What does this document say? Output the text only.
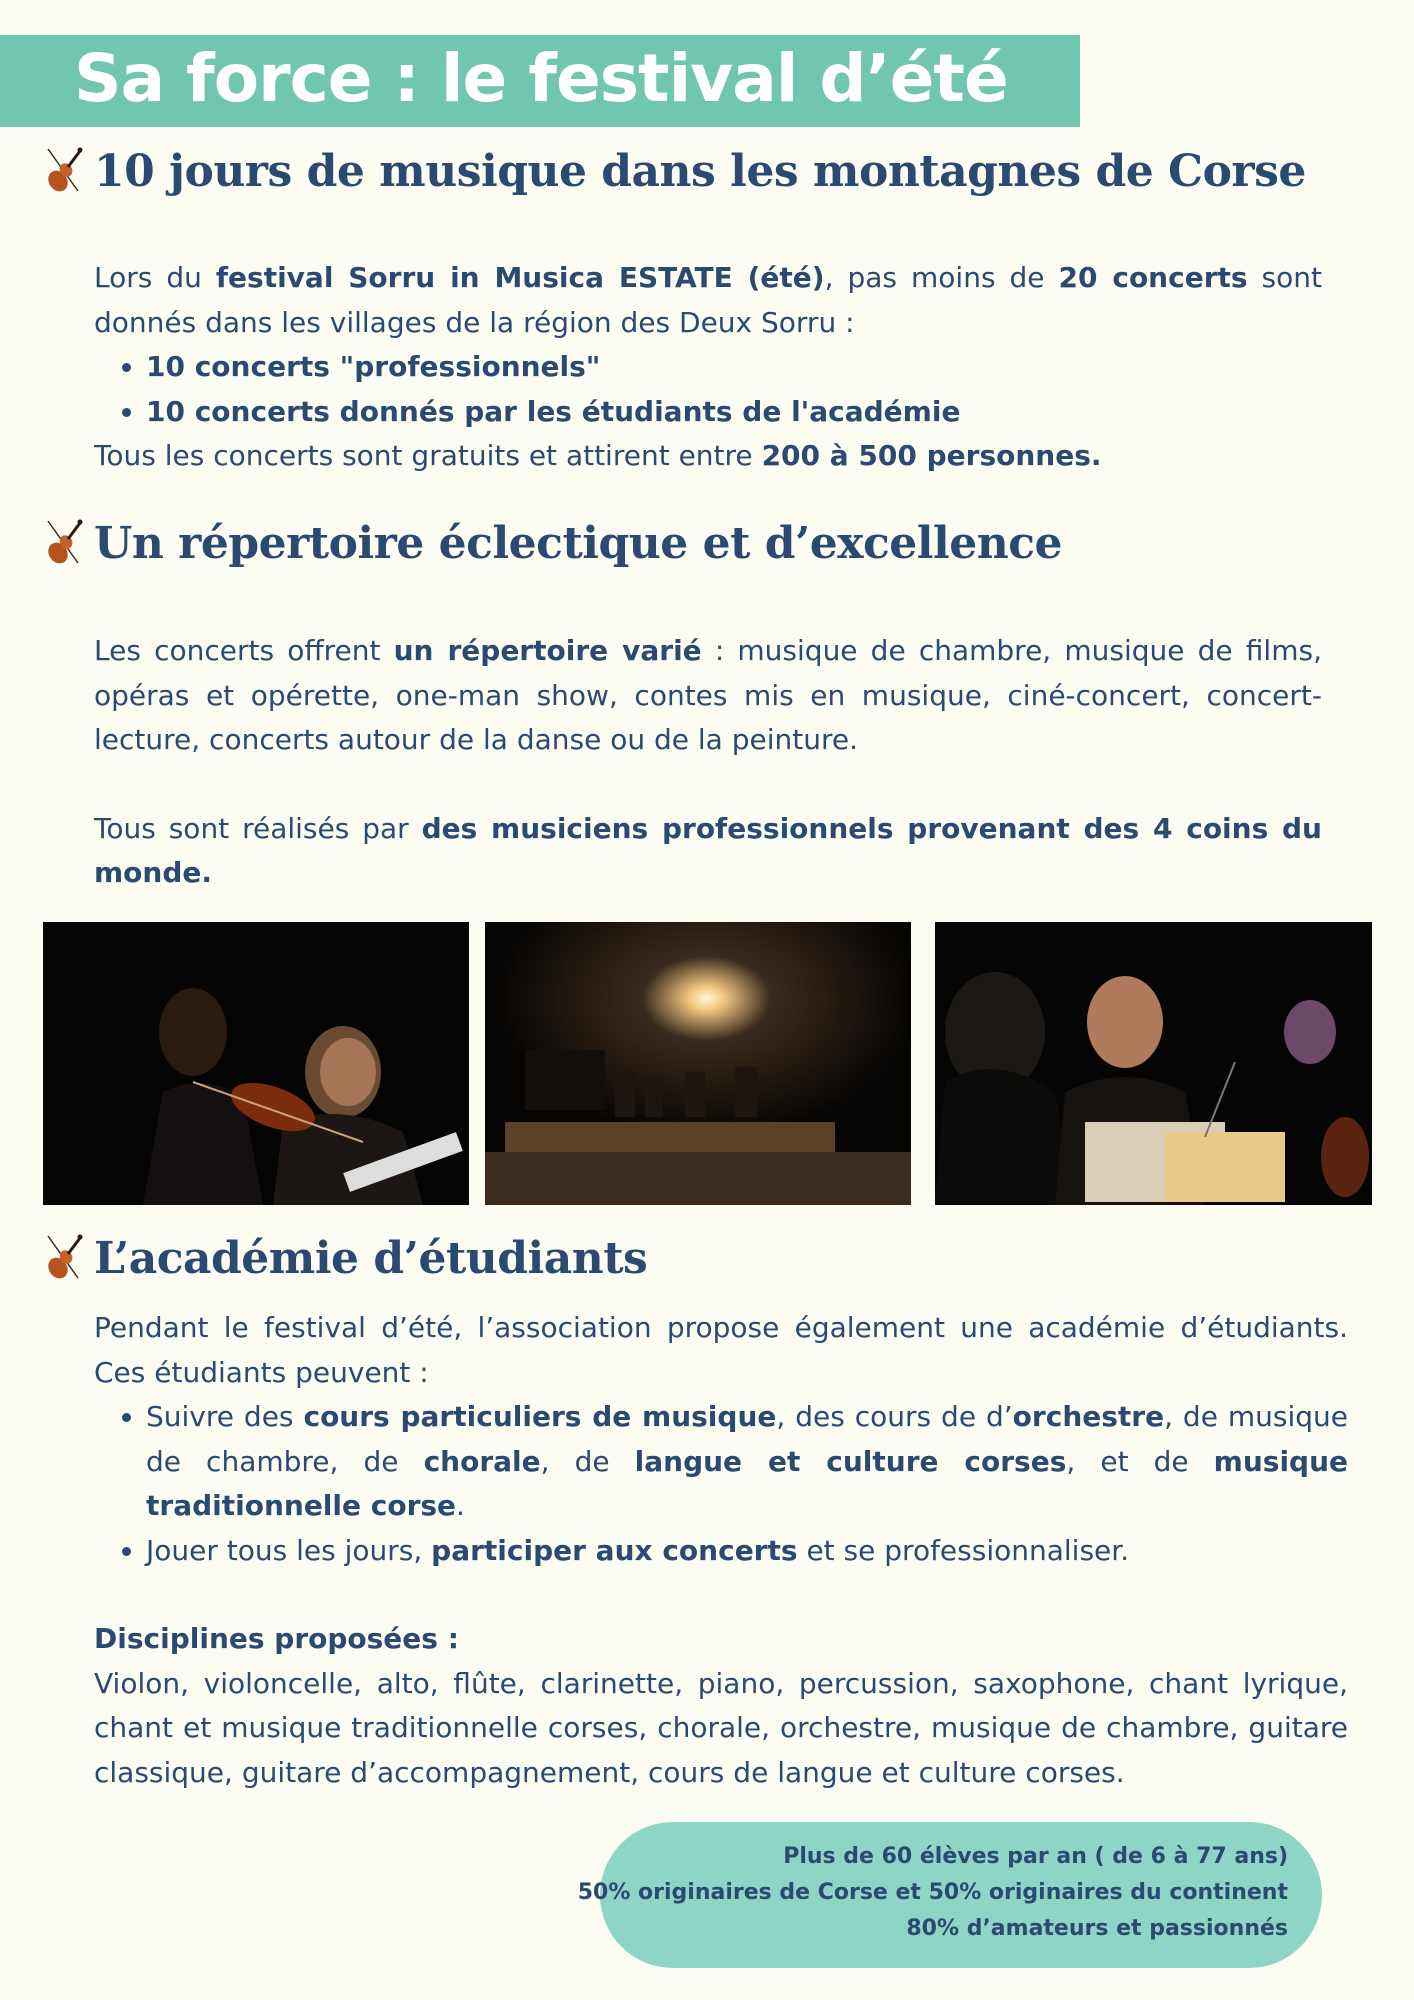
Sa force : le festival d’été
10 jours de musique dans les montagnes de Corse

Lors du festival Sorru in Musica ESTATE (été), pas moins de 20 concerts sont donnés dans les villages de la région des Deux Sorru :

• 10 concerts "professionnels"
• 10 concerts donnés par les étudiants de l'académie

Tous les concerts sont gratuits et attirent entre 200 à 500 personnes.

Un répertoire éclectique et d’excellence

Les concerts offrent un répertoire varié : musique de chambre, musique de films, opéras et opérette, one-man show, contes mis en musique, ciné-concert, concert-lecture, concerts autour de la danse ou de la peinture.

Tous sont réalisés par des musiciens professionnels provenant des 4 coins du monde.

L’académie d’étudiants

Pendant le festival d’été, l’association propose également une académie d’étudiants. Ces étudiants peuvent :

• Suivre des cours particuliers de musique, des cours de d’orchestre, de musique de chambre, de chorale, de langue et culture corses, et de musique traditionnelle corse.
• Jouer tous les jours, participer aux concerts et se professionnaliser.

Disciplines proposées :

Violon, violoncelle, alto, flûte, clarinette, piano, percussion, saxophone, chant lyrique, chant et musique traditionnelle corses, chorale, orchestre, musique de chambre, guitare classique, guitare d’accompagnement, cours de langue et culture corses.

Plus de 60 élèves par an ( de 6 à 77 ans)
50% originaires de Corse et 50% originaires du continent
80% d’amateurs et passionnés
